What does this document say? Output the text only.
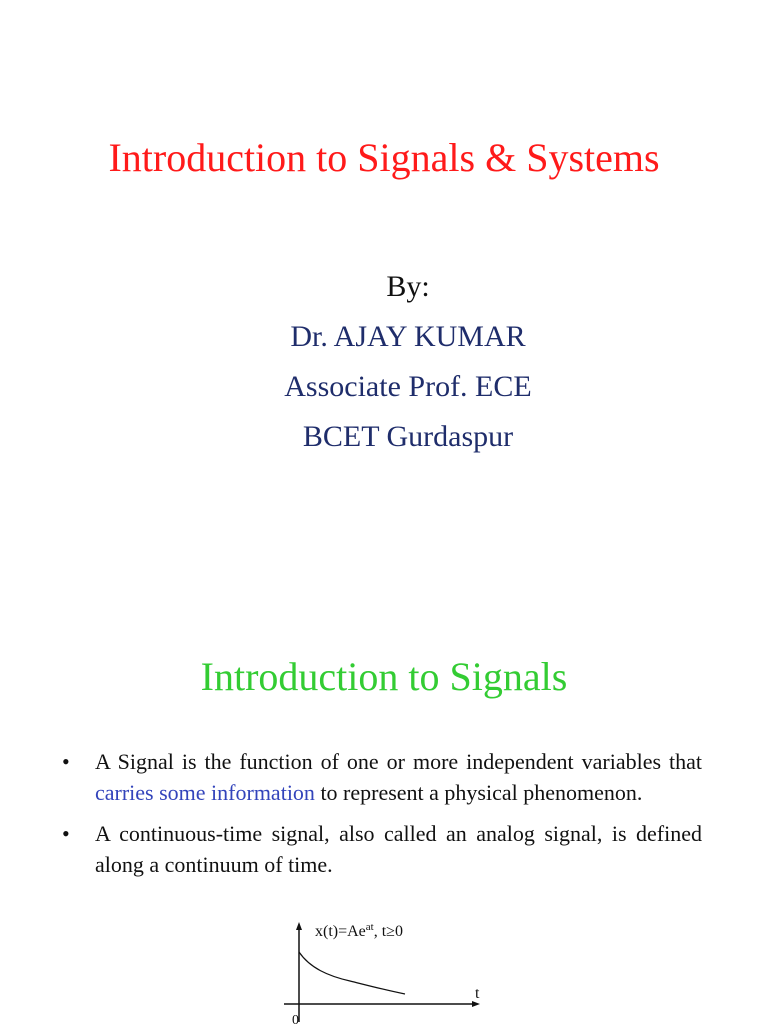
Introduction to Signals & Systems
By:
Dr. AJAY KUMAR
Associate Prof. ECE
BCET Gurdaspur
Introduction to Signals
• A Signal is the function of one or more independent variables that carries some information to represent a physical phenomenon.
• A continuous-time signal, also called an analog signal, is defined along a continuum of time.
$x(t)=Ae^{at}$, t≥0
t
0
